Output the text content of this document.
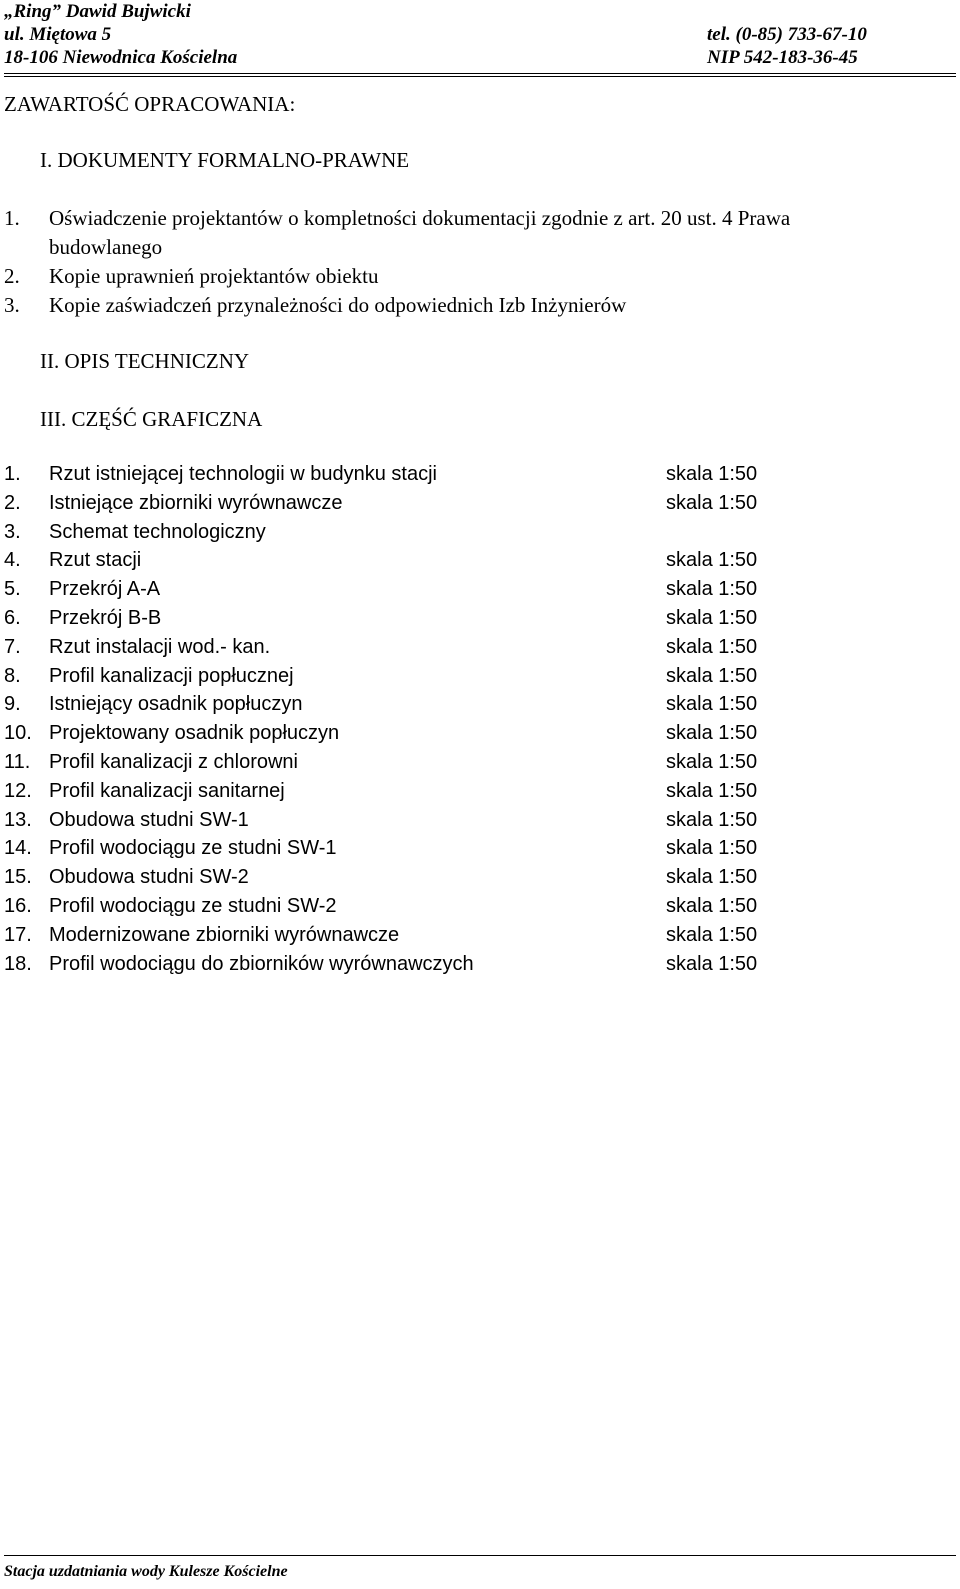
„Ring” Dawid Bujwicki
ul. Miętowa 5
18-106 Niewodnica Kościelna
tel. (0-85) 733-67-10
NIP 542-183-36-45
ZAWARTOŚĆ OPRACOWANIA:
I. DOKUMENTY FORMALNO-PRAWNE
1. Oświadczenie projektantów o kompletności dokumentacji zgodnie z art. 20 ust. 4 Prawa
budowlanego
2. Kopie uprawnień projektantów obiektu
3. Kopie zaświadczeń przynależności do odpowiednich Izb Inżynierów
II. OPIS TECHNICZNY
III. CZĘŚĆ GRAFICZNA
1. Rzut istniejącej technologii w budynku stacji	skala 1:50
2. Istniejące zbiorniki wyrównawcze	skala 1:50
3. Schemat technologiczny
4. Rzut stacji	skala 1:50
5. Przekrój A-A	skala 1:50
6. Przekrój B-B	skala 1:50
7. Rzut instalacji wod.- kan.	skala 1:50
8. Profil kanalizacji popłucznej	skala 1:50
9. Istniejący osadnik popłuczyn	skala 1:50
10. Projektowany osadnik popłuczyn	skala 1:50
11. Profil kanalizacji z chlorowni	skala 1:50
12. Profil kanalizacji sanitarnej	skala 1:50
13. Obudowa studni SW-1	skala 1:50
14. Profil wodociągu ze studni SW-1	skala 1:50
15. Obudowa studni SW-2	skala 1:50
16. Profil wodociągu ze studni SW-2	skala 1:50
17. Modernizowane zbiorniki wyrównawcze	skala 1:50
18. Profil wodociągu do zbiorników wyrównawczych	skala 1:50
Stacja uzdatniania wody Kulesze Kościelne
